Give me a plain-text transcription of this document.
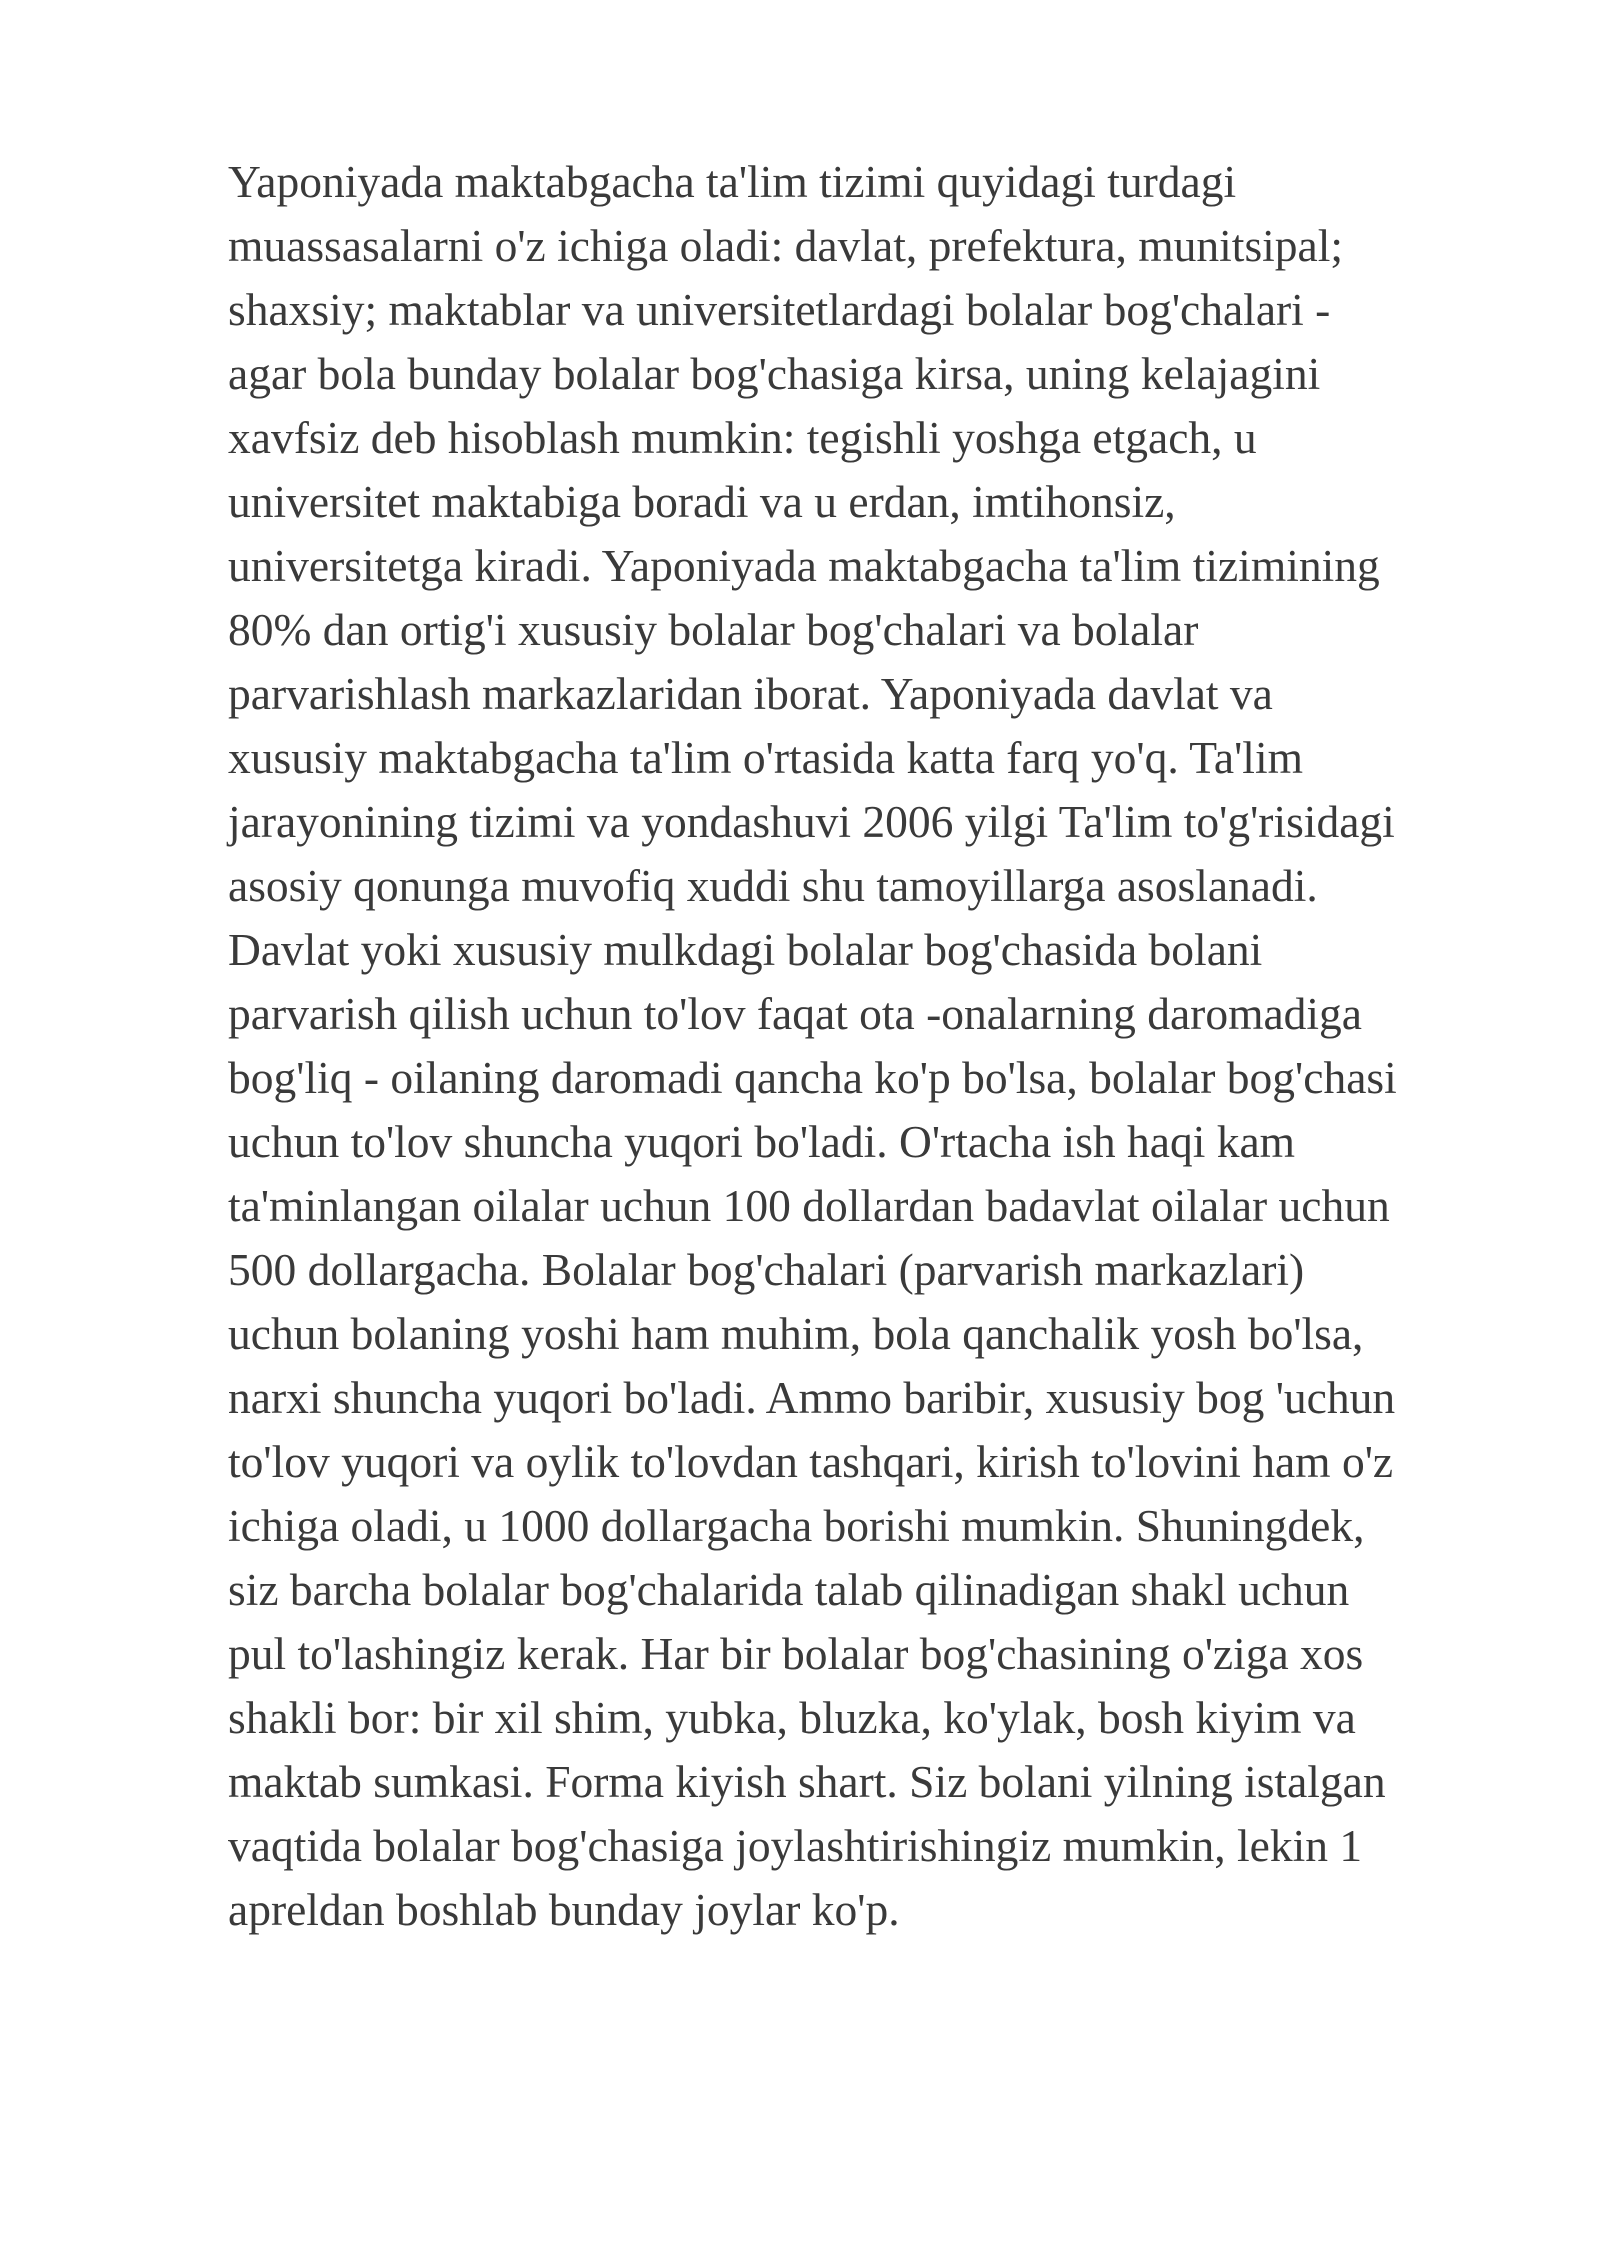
Yaponiyada maktabgacha ta'lim tizimi quyidagi turdagi
muassasalarni o'z ichiga oladi: davlat, prefektura, munitsipal;
shaxsiy; maktablar va universitetlardagi bolalar bog'chalari -
agar bola bunday bolalar bog'chasiga kirsa, uning kelajagini
xavfsiz deb hisoblash mumkin: tegishli yoshga etgach, u
universitet maktabiga boradi va u erdan, imtihonsiz,
universitetga kiradi. Yaponiyada maktabgacha ta'lim tizimining
80% dan ortig'i xususiy bolalar bog'chalari va bolalar
parvarishlash markazlaridan iborat. Yaponiyada davlat va
xususiy maktabgacha ta'lim o'rtasida katta farq yo'q. Ta'lim
jarayonining tizimi va yondashuvi 2006 yilgi Ta'lim to'g'risidagi
asosiy qonunga muvofiq xuddi shu tamoyillarga asoslanadi.
Davlat yoki xususiy mulkdagi bolalar bog'chasida bolani
parvarish qilish uchun to'lov faqat ota -onalarning daromadiga
bog'liq - oilaning daromadi qancha ko'p bo'lsa, bolalar bog'chasi
uchun to'lov shuncha yuqori bo'ladi. O'rtacha ish haqi kam
ta'minlangan oilalar uchun 100 dollardan badavlat oilalar uchun
500 dollargacha. Bolalar bog'chalari (parvarish markazlari)
uchun bolaning yoshi ham muhim, bola qanchalik yosh bo'lsa,
narxi shuncha yuqori bo'ladi. Ammo baribir, xususiy bog 'uchun
to'lov yuqori va oylik to'lovdan tashqari, kirish to'lovini ham o'z
ichiga oladi, u 1000 dollargacha borishi mumkin. Shuningdek,
siz barcha bolalar bog'chalarida talab qilinadigan shakl uchun
pul to'lashingiz kerak. Har bir bolalar bog'chasining o'ziga xos
shakli bor: bir xil shim, yubka, bluzka, ko'ylak, bosh kiyim va
maktab sumkasi. Forma kiyish shart. Siz bolani yilning istalgan
vaqtida bolalar bog'chasiga joylashtirishingiz mumkin, lekin 1
apreldan boshlab bunday joylar ko'p.
